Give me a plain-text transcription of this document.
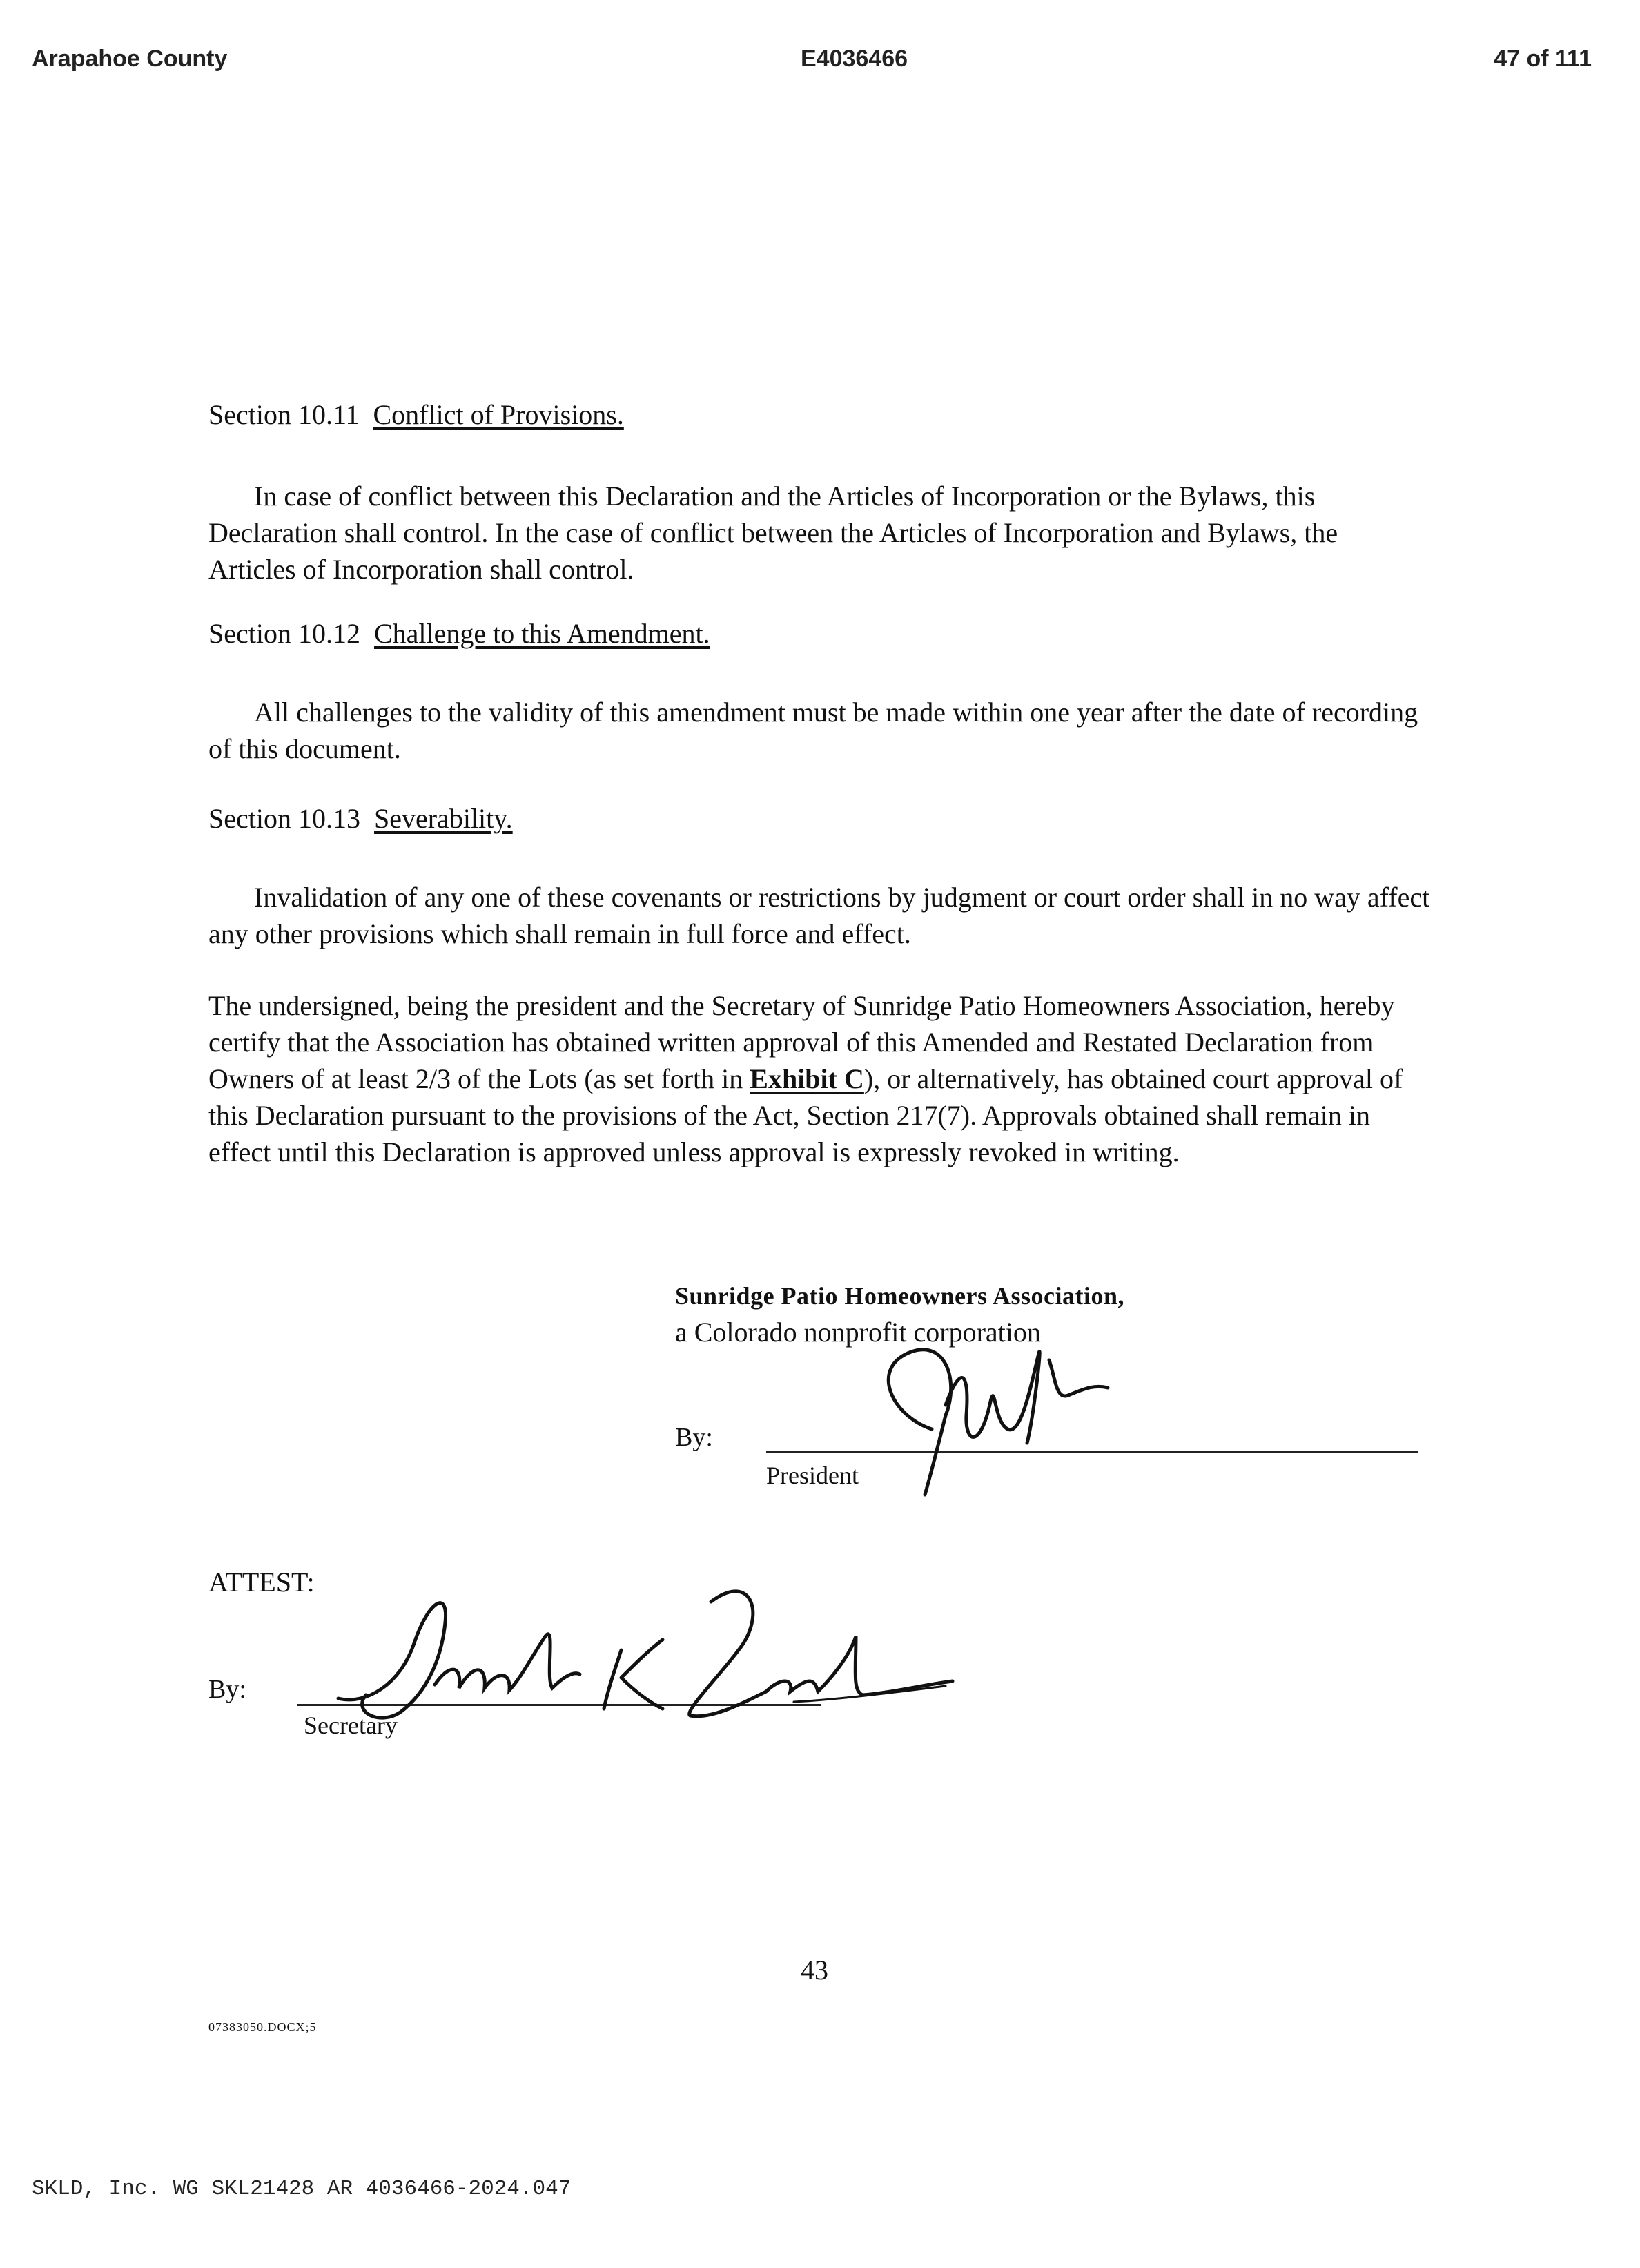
Arapahoe County	E4036466	47 of 111
Section 10.11 Conflict of Provisions.

In case of conflict between this Declaration and the Articles of Incorporation or the Bylaws, this Declaration shall control. In the case of conflict between the Articles of Incorporation and Bylaws, the Articles of Incorporation shall control.

Section 10.12 Challenge to this Amendment.

All challenges to the validity of this amendment must be made within one year after the date of recording of this document.

Section 10.13 Severability.

Invalidation of any one of these covenants or restrictions by judgment or court order shall in no way affect any other provisions which shall remain in full force and effect.

The undersigned, being the president and the Secretary of Sunridge Patio Homeowners Association, hereby certify that the Association has obtained written approval of this Amended and Restated Declaration from Owners of at least 2/3 of the Lots (as set forth in Exhibit C), or alternatively, has obtained court approval of this Declaration pursuant to the provisions of the Act, Section 217(7). Approvals obtained shall remain in effect until this Declaration is approved unless approval is expressly revoked in writing.

Sunridge Patio Homeowners Association,
a Colorado nonprofit corporation
By:
President
ATTEST:
By:
Secretary
43
07383050.DOCX;5
SKLD, Inc. WG SKL21428 AR 4036466-2024.047
